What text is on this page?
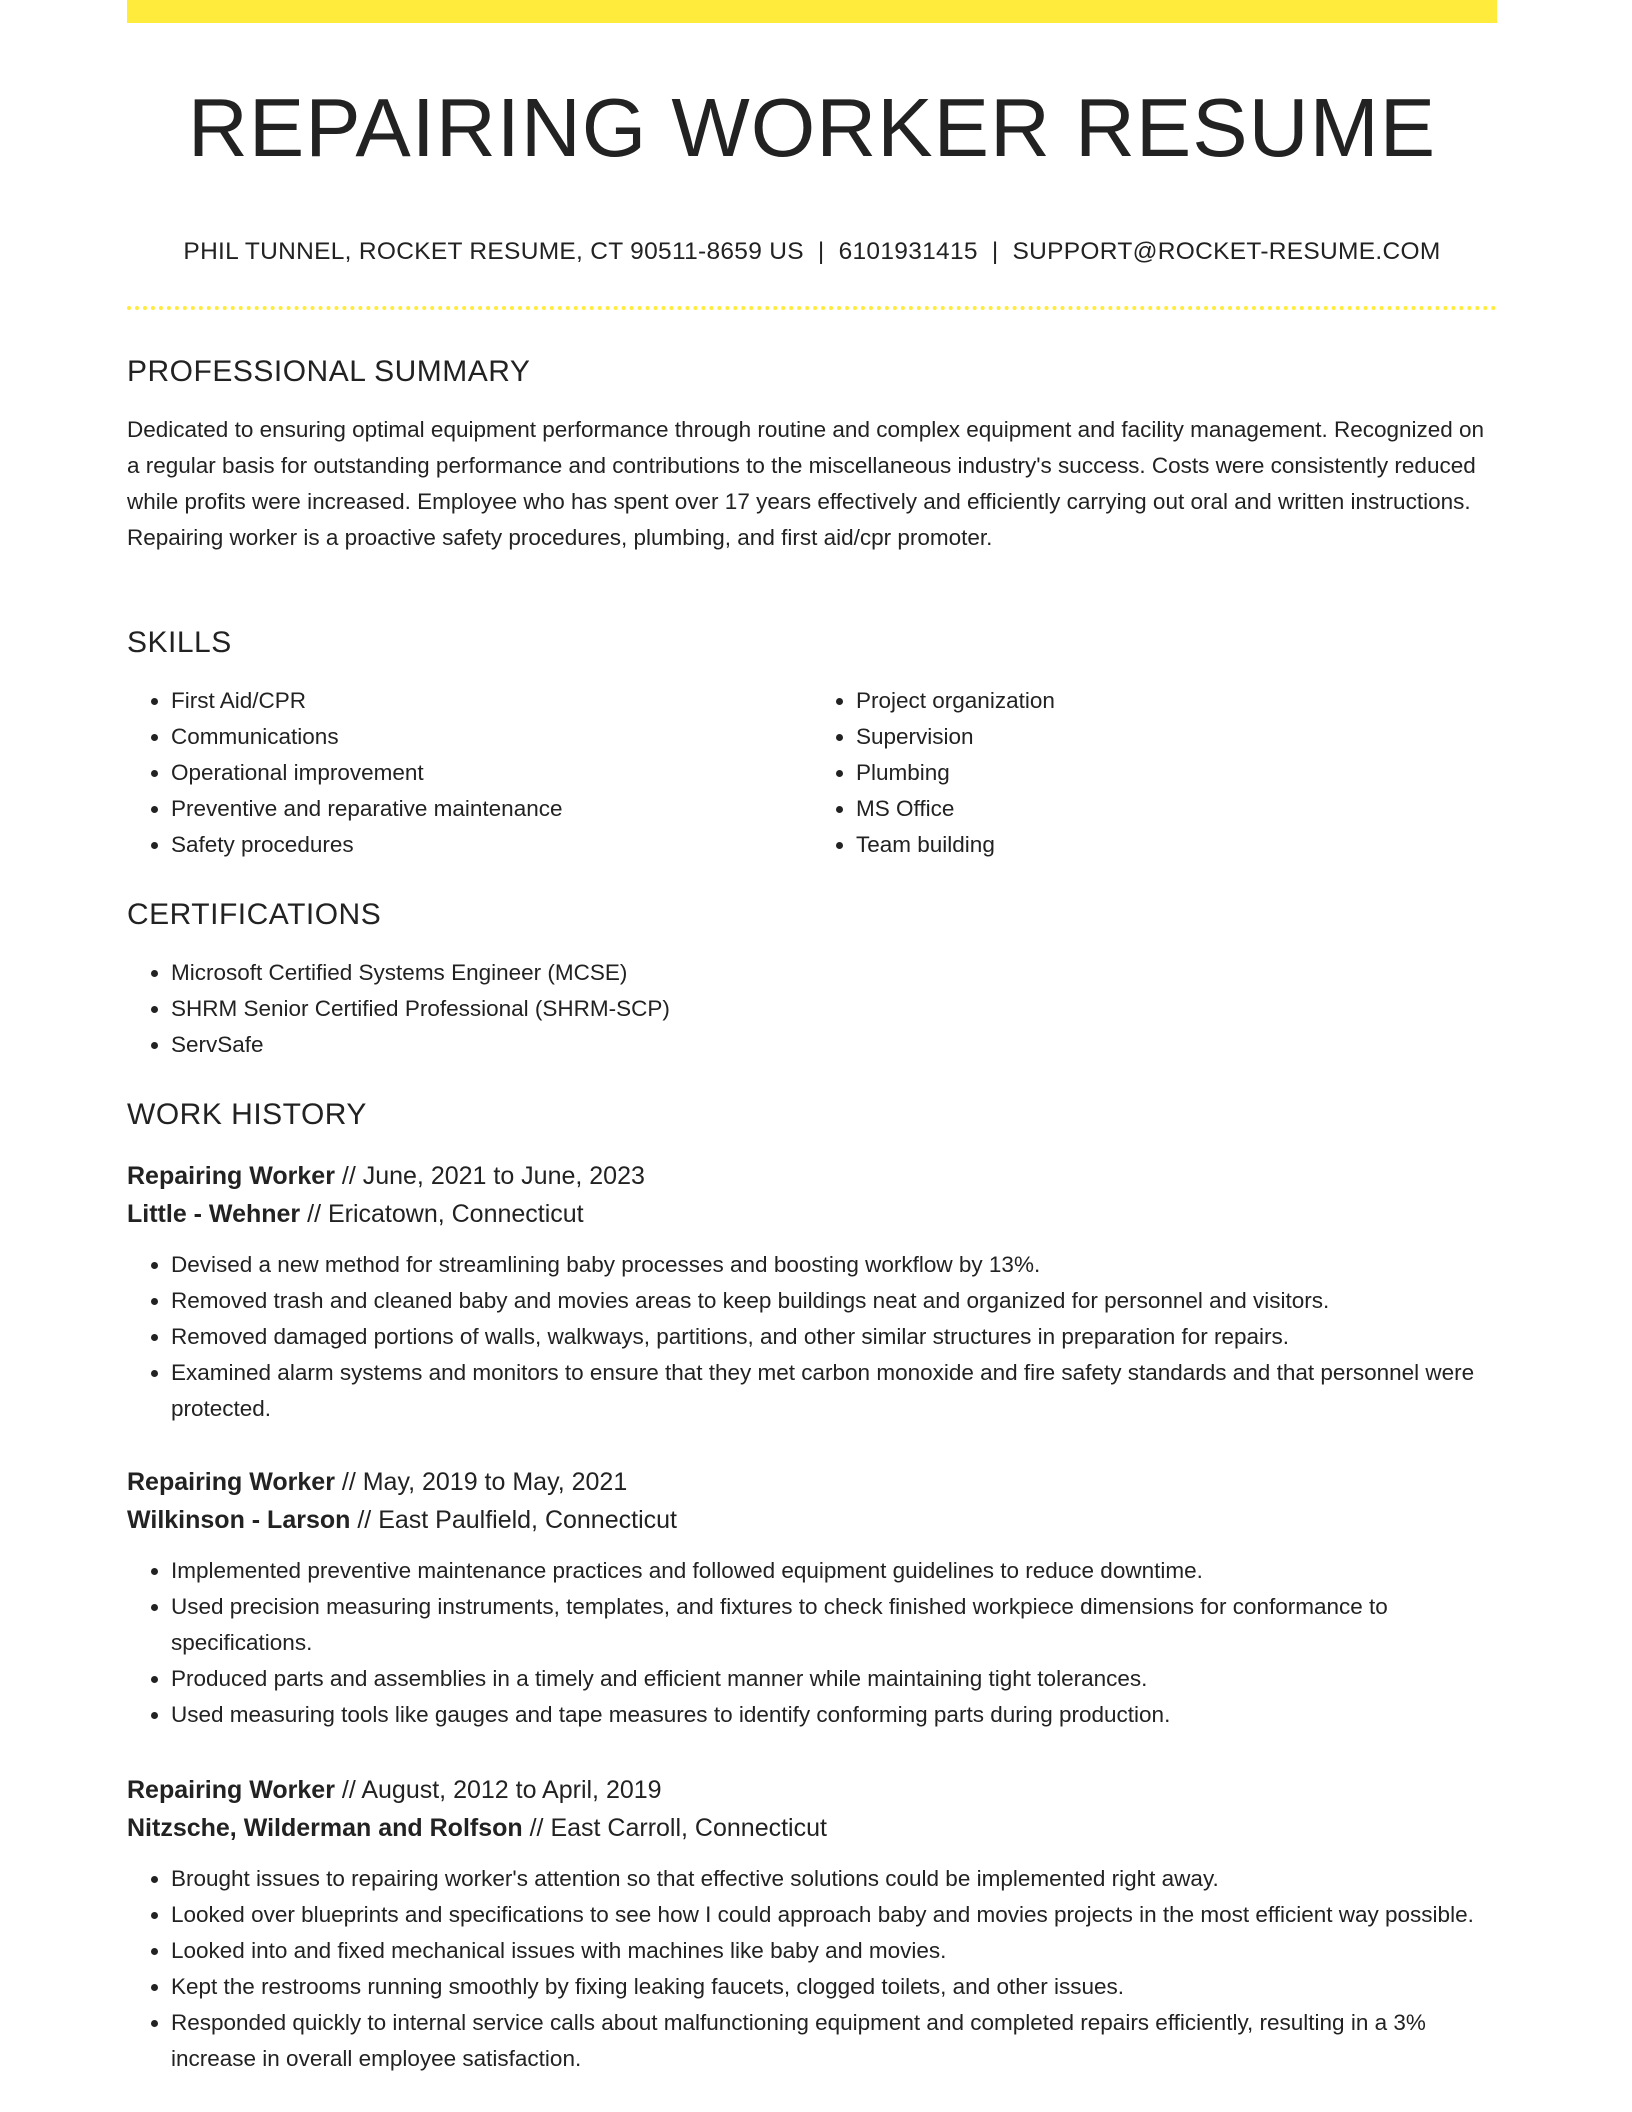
REPAIRING WORKER RESUME
PHIL TUNNEL, ROCKET RESUME, CT 90511-8659 US | 6101931415 | SUPPORT@ROCKET-RESUME.COM
PROFESSIONAL SUMMARY

Dedicated to ensuring optimal equipment performance through routine and complex equipment and facility management. Recognized on a regular basis for outstanding performance and contributions to the miscellaneous industry's success. Costs were consistently reduced while profits were increased. Employee who has spent over 17 years effectively and efficiently carrying out oral and written instructions. Repairing worker is a proactive safety procedures, plumbing, and first aid/cpr promoter.

SKILLS
• First Aid/CPR
• Communications
• Operational improvement
• Preventive and reparative maintenance
• Safety procedures
• Project organization
• Supervision
• Plumbing
• MS Office
• Team building
CERTIFICATIONS
• Microsoft Certified Systems Engineer (MCSE)
• SHRM Senior Certified Professional (SHRM-SCP)
• ServSafe
WORK HISTORY

Repairing Worker // June, 2021 to June, 2023

Little - Wehner // Ericatown, Connecticut

• Devised a new method for streamlining baby processes and boosting workflow by 13%.
• Removed trash and cleaned baby and movies areas to keep buildings neat and organized for personnel and visitors.
• Removed damaged portions of walls, walkways, partitions, and other similar structures in preparation for repairs.
• Examined alarm systems and monitors to ensure that they met carbon monoxide and fire safety standards and that personnel were protected.

Repairing Worker // May, 2019 to May, 2021

Wilkinson - Larson // East Paulfield, Connecticut

• Implemented preventive maintenance practices and followed equipment guidelines to reduce downtime.
• Used precision measuring instruments, templates, and fixtures to check finished workpiece dimensions for conformance to specifications.
• Produced parts and assemblies in a timely and efficient manner while maintaining tight tolerances.
• Used measuring tools like gauges and tape measures to identify conforming parts during production.

Repairing Worker // August, 2012 to April, 2019

Nitzsche, Wilderman and Rolfson // East Carroll, Connecticut

• Brought issues to repairing worker's attention so that effective solutions could be implemented right away.
• Looked over blueprints and specifications to see how I could approach baby and movies projects in the most efficient way possible.
• Looked into and fixed mechanical issues with machines like baby and movies.
• Kept the restrooms running smoothly by fixing leaking faucets, clogged toilets, and other issues.
• Responded quickly to internal service calls about malfunctioning equipment and completed repairs efficiently, resulting in a 3% increase in overall employee satisfaction.
